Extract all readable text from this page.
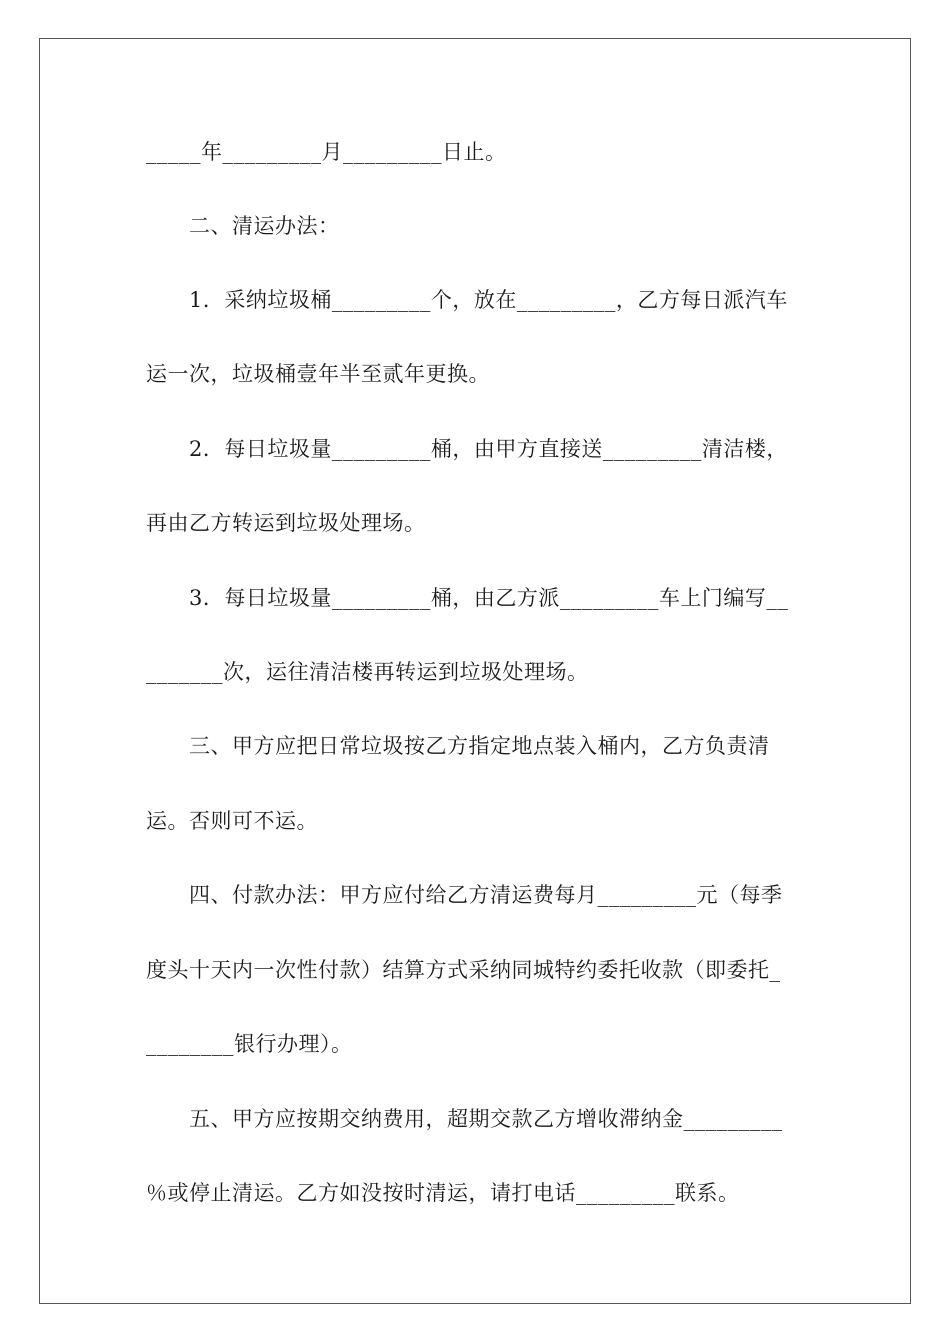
_____年_________月_________日止。
　　二、清运办法：
　　1．采纳垃圾桶_________个，放在_________，乙方每日派汽车
运一次，垃圾桶壹年半至贰年更换。
　　2．每日垃圾量_________桶，由甲方直接送_________清洁楼，
再由乙方转运到垃圾处理场。
　　3．每日垃圾量_________桶，由乙方派_________车上门编写__
_______次，运往清洁楼再转运到垃圾处理场。
　　三、甲方应把日常垃圾按乙方指定地点装入桶内，乙方负责清
运。否则可不运。
　　四、付款办法：甲方应付给乙方清运费每月_________元（每季
度头十天内一次性付款）结算方式采纳同城特约委托收款（即委托_
________银行办理）。
　　五、甲方应按期交纳费用，超期交款乙方增收滞纳金_________
％或停止清运。乙方如没按时清运，请打电话_________联系。
